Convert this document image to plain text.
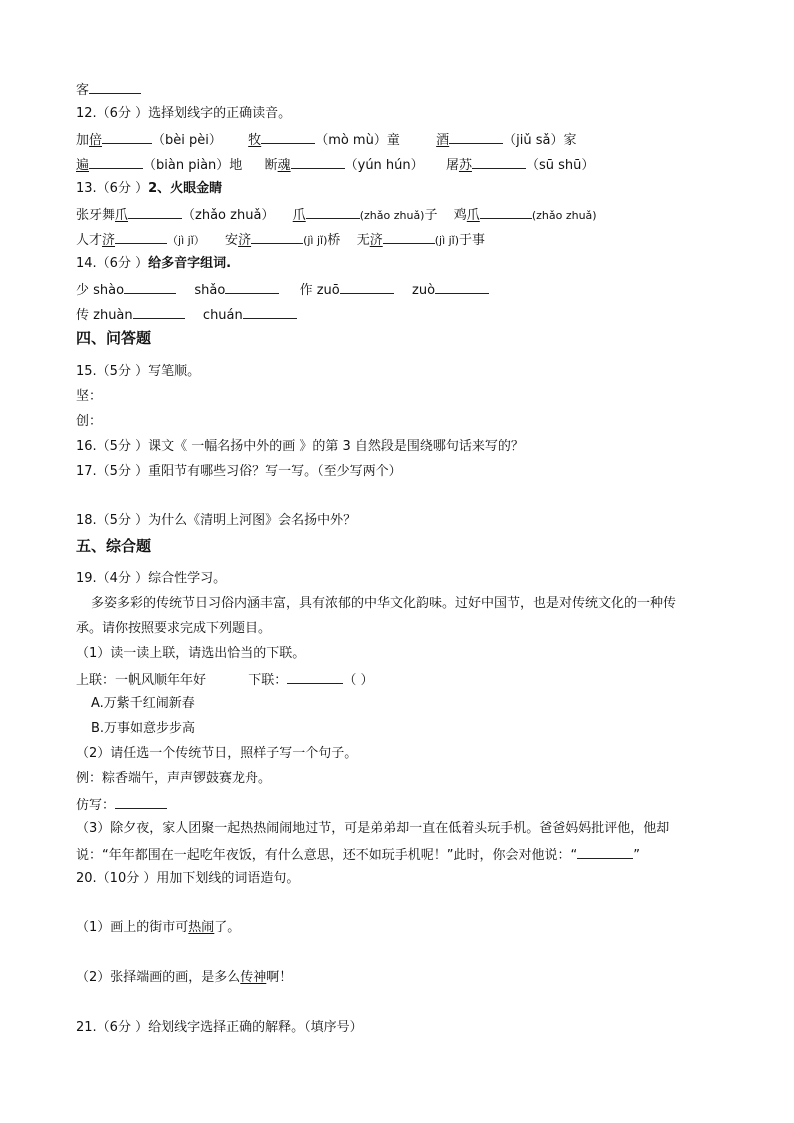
客
12.（6分 ）选择划线字的正确读音。
加倍	（bèi pèi） 牧	（mò mù）童	酒	（jiǔ sǎ）家
遍	（biàn piàn）地 断魂	（yún hún） 屠苏	（sū shū）
13.（6分 ）2、火眼金睛
张牙舞爪	（zhǎo zhuǎ） 爪	(zhǎo zhuǎ)子 鸡爪	(zhǎo zhuǎ)
人才济	（jì jǐ） 安济	(jì jǐ)桥 无济	(jì jǐ)于事
14.（6分 ）给多音字组词.
少 shào	shǎo	作 zuō	zuò
传 zhuàn	chuán
四、问答题
15.（5分 ）写笔顺。
坚：
创：
16.（5分 ）课文《 一幅名扬中外的画 》的第 3 自然段是围绕哪句话来写的？
17.（5分 ）重阳节有哪些习俗？写一写。（至少写两个）
18.（5分 ）为什么《清明上河图》会名扬中外？
五、综合题
19.（4分 ）综合性学习。
多姿多彩的传统节日习俗内涵丰富，具有浓郁的中华文化韵味。过好中国节，也是对传统文化的一种传
承。请你按照要求完成下列题目。
（1）读一读上联，请选出恰当的下联。
上联：一帆风顺年年好	下联：	（ ）
A.万紫千红闹新春
B.万事如意步步高
（2）请任选一个传统节日，照样子写一个句子。
例：粽香端午，声声锣鼓赛龙舟。
仿写：
（3）除夕夜，家人团聚一起热热闹闹地过节，可是弟弟却一直在低着头玩手机。爸爸妈妈批评他，他却
说：“年年都围在一起吃年夜饭，有什么意思，还不如玩手机呢！”此时，你会对他说：“	”
20.（10分 ）用加下划线的词语造句。
（1）画上的街市可热闹了。
（2）张择端画的画，是多么传神啊！
21.（6分 ）给划线字选择正确的解释。（填序号）
